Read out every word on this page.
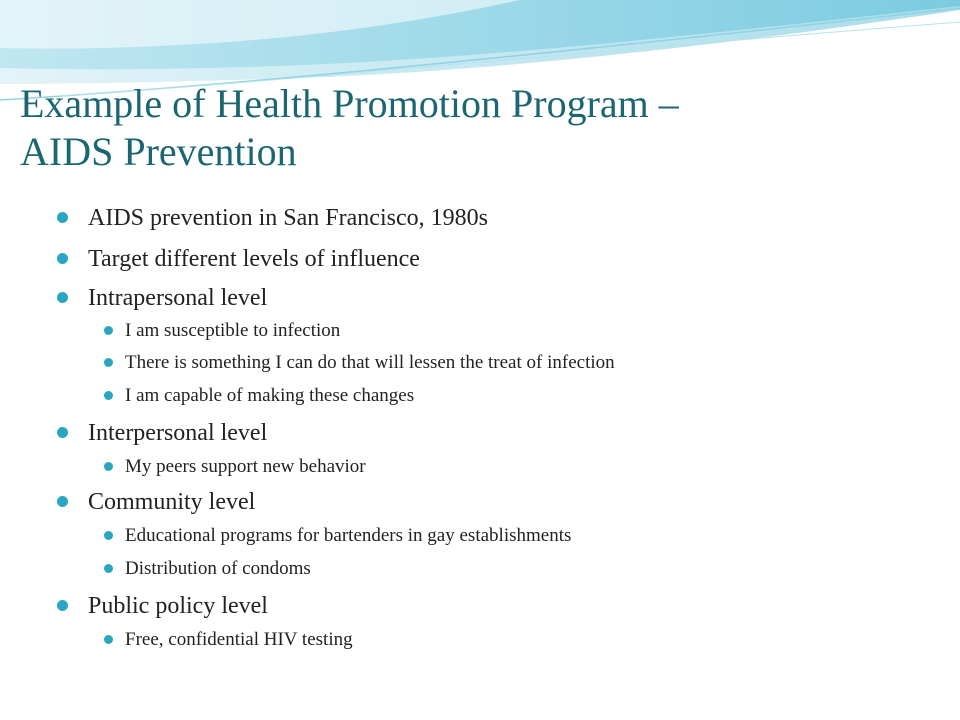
Example of Health Promotion Program –
AIDS Prevention
AIDS prevention in San Francisco, 1980s
Target different levels of influence
Intrapersonal level
I am susceptible to infection
There is something I can do that will lessen the treat of infection
I am capable of making these changes
Interpersonal level
My peers support new behavior
Community level
Educational programs for bartenders in gay establishments
Distribution of condoms
Public policy level
Free, confidential HIV testing
